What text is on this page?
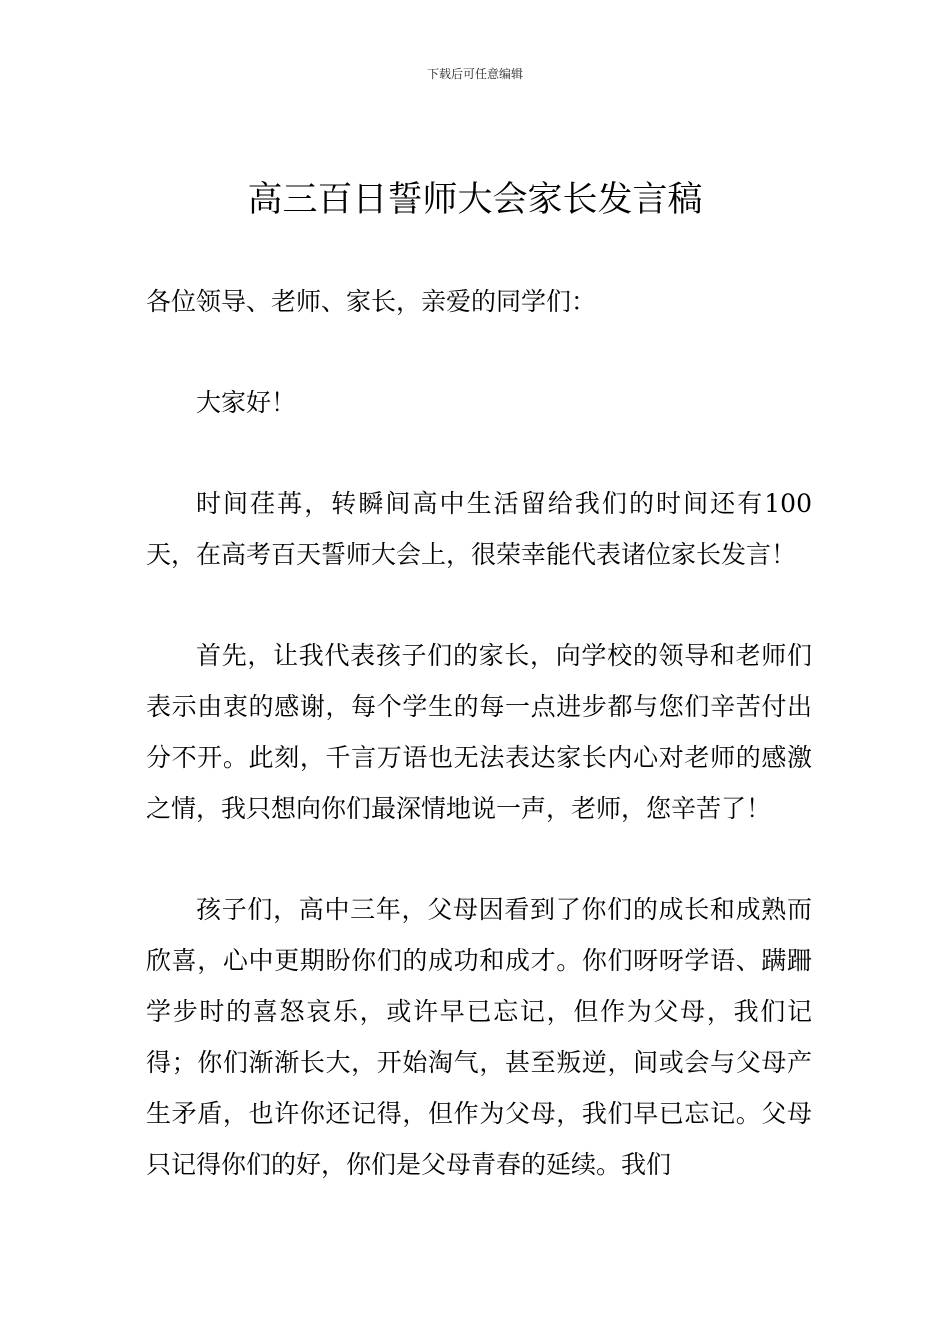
下载后可任意编辑
高三百日誓师大会家长发言稿

各位领导、老师、家长，亲爱的同学们：

大家好！

时间荏苒，转瞬间高中生活留给我们的时间还有100天，在高考百天誓师大会上，很荣幸能代表诸位家长发言！

首先，让我代表孩子们的家长，向学校的领导和老师们表示由衷的感谢，每个学生的每一点进步都与您们辛苦付出分不开。此刻，千言万语也无法表达家长内心对老师的感激之情，我只想向你们最深情地说一声，老师，您辛苦了！

孩子们，高中三年，父母因看到了你们的成长和成熟而欣喜，心中更期盼你们的成功和成才。你们呀呀学语、蹒跚学步时的喜怒哀乐，或许早已忘记，但作为父母，我们记得；你们渐渐长大，开始淘气，甚至叛逆，间或会与父母产生矛盾，也许你还记得，但作为父母，我们早已忘记。父母只记得你们的好，你们是父母青春的延续。我们
